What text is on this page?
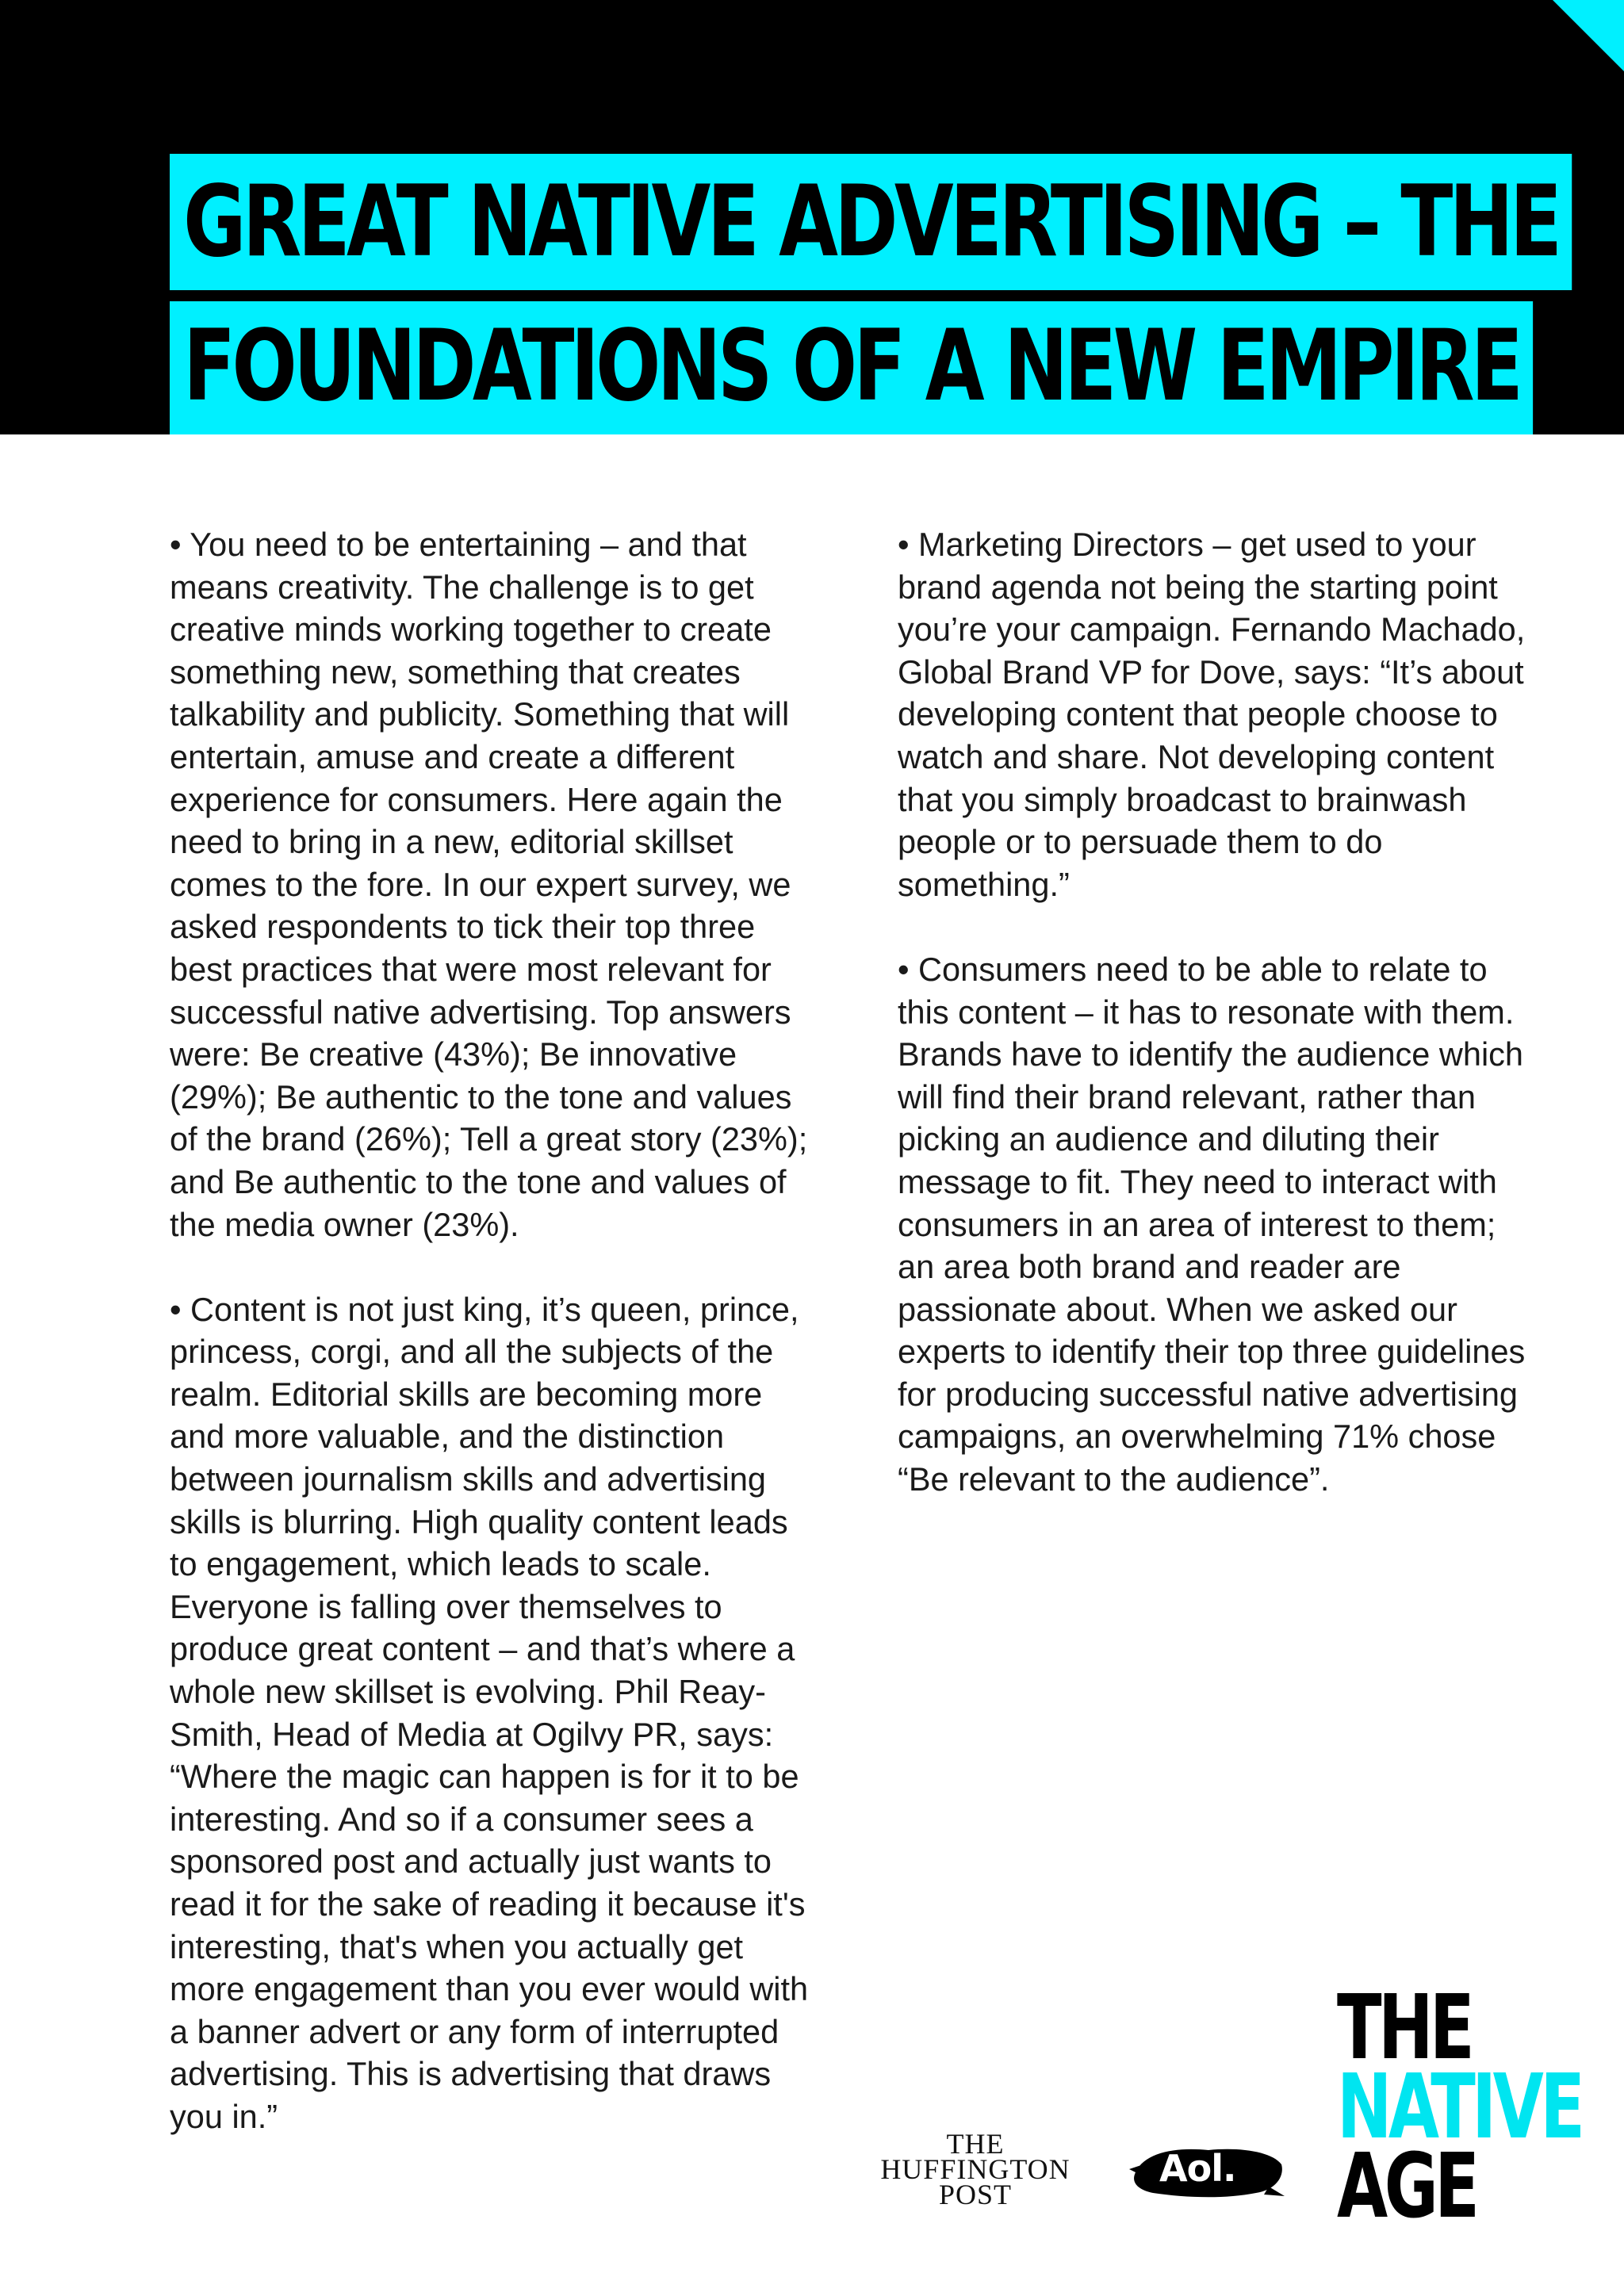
GREAT NATIVE ADVERTISING – THE
FOUNDATIONS OF A NEW EMPIRE

• You need to be entertaining – and that means creativity. The challenge is to get creative minds working together to create something new, something that creates talkability and publicity. Something that will entertain, amuse and create a different experience for consumers. Here again the need to bring in a new, editorial skillset comes to the fore. In our expert survey, we asked respondents to tick their top three best practices that were most relevant for successful native advertising. Top answers were: Be creative (43%); Be innovative (29%); Be authentic to the tone and values of the brand (26%); Tell a great story (23%); and Be authentic to the tone and values of the media owner (23%).

• Content is not just king, it’s queen, prince, princess, corgi, and all the subjects of the realm. Editorial skills are becoming more and more valuable, and the distinction between journalism skills and advertising skills is blurring. High quality content leads to engagement, which leads to scale. Everyone is falling over themselves to produce great content – and that’s where a whole new skillset is evolving. Phil Reay-Smith, Head of Media at Ogilvy PR, says: “Where the magic can happen is for it to be interesting. And so if a consumer sees a sponsored post and actually just wants to read it for the sake of reading it because it's interesting, that's when you actually get more engagement than you ever would with a banner advert or any form of interrupted advertising. This is advertising that draws you in.”

• Marketing Directors – get used to your brand agenda not being the starting point you’re your campaign. Fernando Machado, Global Brand VP for Dove, says: “It’s about developing content that people choose to watch and share. Not developing content that you simply broadcast to brainwash people or to persuade them to do something.”

• Consumers need to be able to relate to this content – it has to resonate with them. Brands have to identify the audience which will find their brand relevant, rather than picking an audience and diluting their message to fit. They need to interact with consumers in an area of interest to them; an area both brand and reader are passionate about. When we asked our experts to identify their top three guidelines for producing successful native advertising campaigns, an overwhelming 71% chose “Be relevant to the audience”.

THE
HUFFINGTON
POST
Aol.
THE
NATIVE
AGE
